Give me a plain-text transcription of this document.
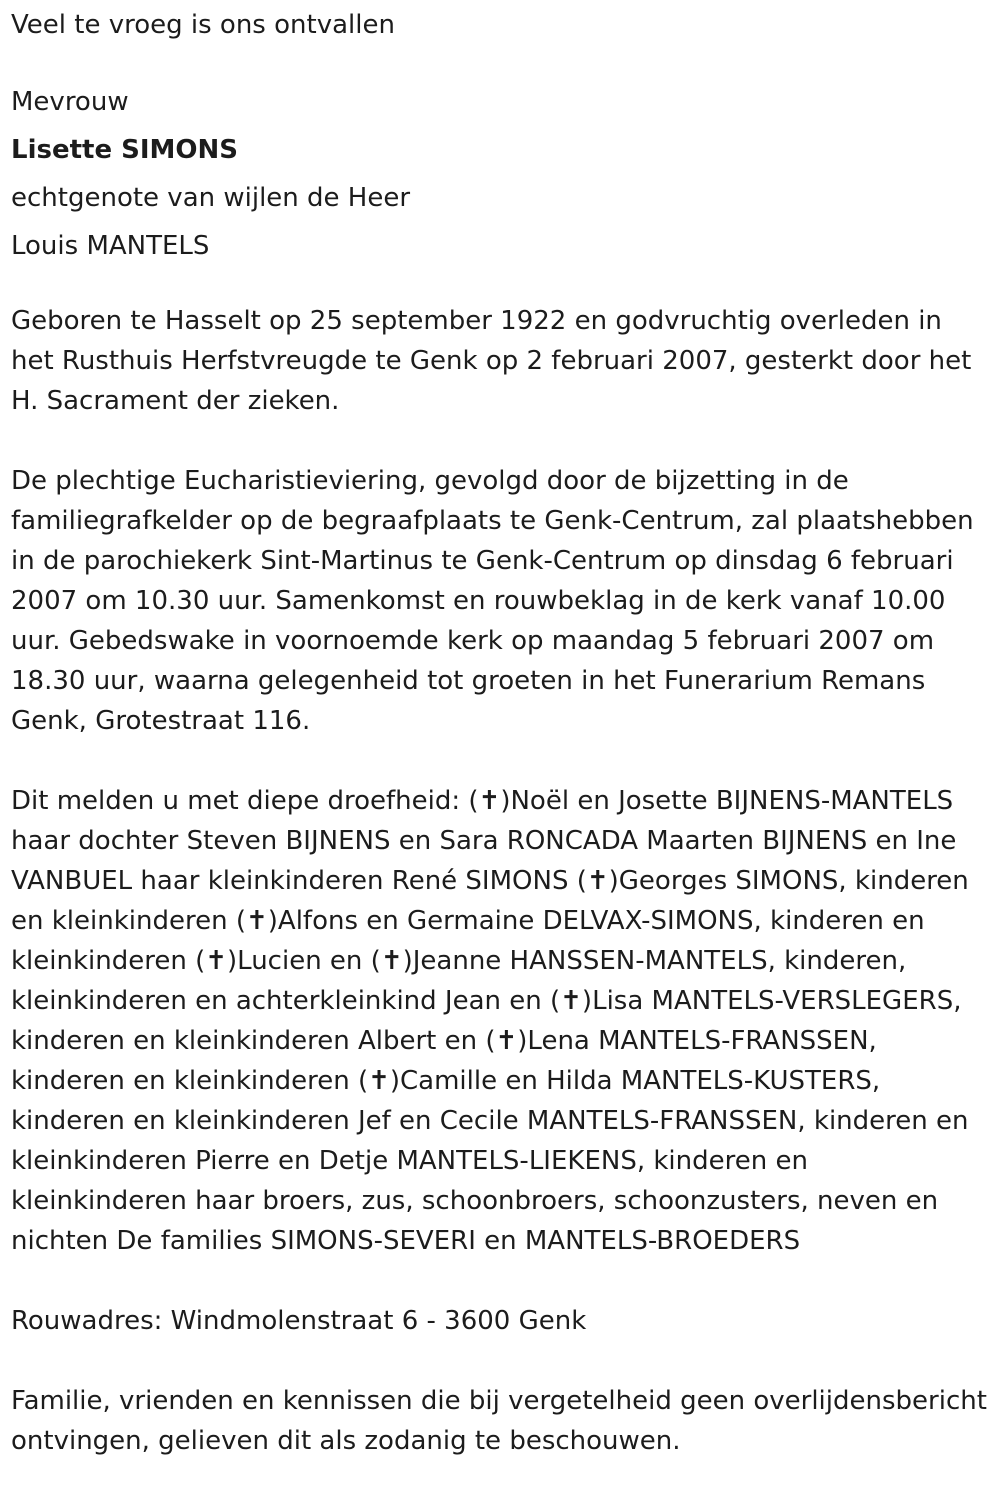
Veel te vroeg is ons ontvallen

Mevrouw

Lisette SIMONS

echtgenote van wijlen de Heer

Louis MANTELS

Geboren te Hasselt op 25 september 1922 en godvruchtig overleden in het Rusthuis Herfstvreugde te Genk op 2 februari 2007, gesterkt door het H. Sacrament der zieken.

De plechtige Eucharistieviering, gevolgd door de bijzetting in de familiegrafkelder op de begraafplaats te Genk-Centrum, zal plaatshebben in de parochiekerk Sint-Martinus te Genk-Centrum op dinsdag 6 februari 2007 om 10.30 uur. Samenkomst en rouwbeklag in de kerk vanaf 10.00 uur. Gebedswake in voornoemde kerk op maandag 5 februari 2007 om 18.30 uur, waarna gelegenheid tot groeten in het Funerarium Remans Genk, Grotestraat 116.

Dit melden u met diepe droefheid: (✝)Noël en Josette BIJNENS-MANTELS haar dochter Steven BIJNENS en Sara RONCADA Maarten BIJNENS en Ine VANBUEL haar kleinkinderen René SIMONS (✝)Georges SIMONS, kinderen en kleinkinderen (✝)Alfons en Germaine DELVAX-SIMONS, kinderen en kleinkinderen (✝)Lucien en (✝)Jeanne HANSSEN-MANTELS, kinderen, kleinkinderen en achterkleinkind Jean en (✝)Lisa MANTELS-VERSLEGERS, kinderen en kleinkinderen Albert en (✝)Lena MANTELS-FRANSSEN, kinderen en kleinkinderen (✝)Camille en Hilda MANTELS-KUSTERS, kinderen en kleinkinderen Jef en Cecile MANTELS-FRANSSEN, kinderen en kleinkinderen Pierre en Detje MANTELS-LIEKENS, kinderen en kleinkinderen haar broers, zus, schoonbroers, schoonzusters, neven en nichten De families SIMONS-SEVERI en MANTELS-BROEDERS

Rouwadres: Windmolenstraat 6 - 3600 Genk

Familie, vrienden en kennissen die bij vergetelheid geen overlijdensbericht ontvingen, gelieven dit als zodanig te beschouwen.
